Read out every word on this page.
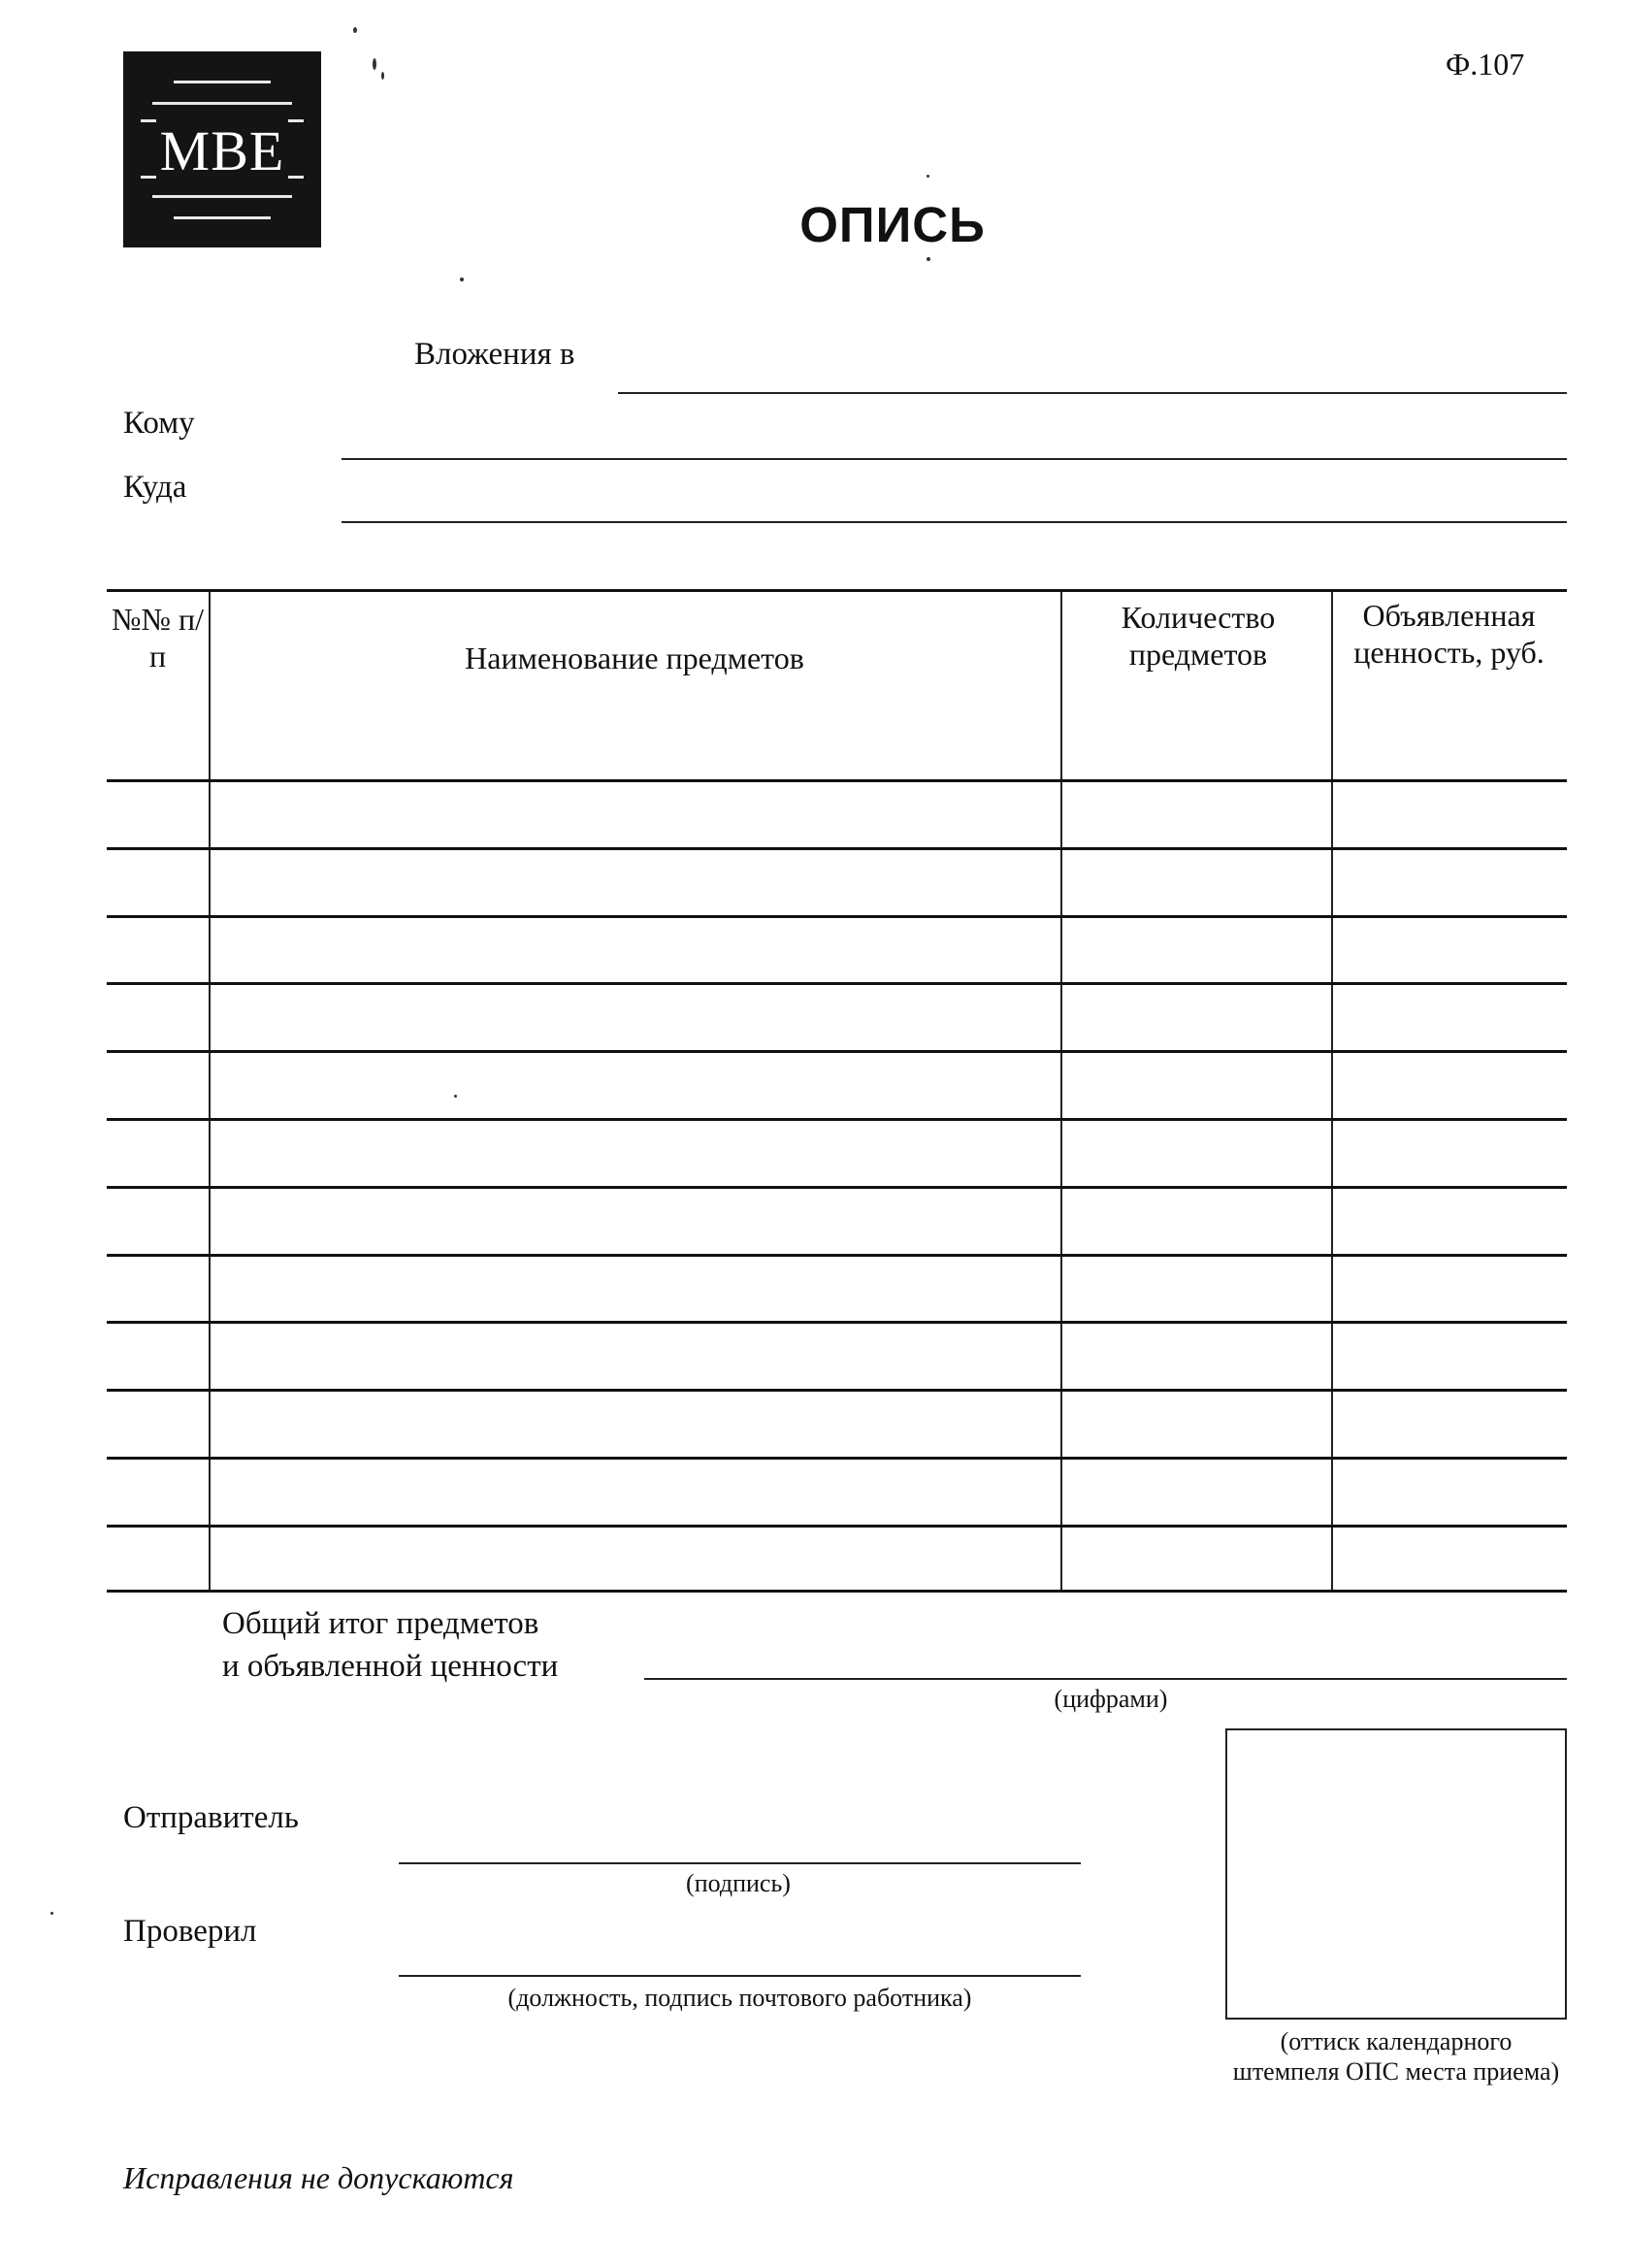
MBE
Ф.107
ОПИСЬ
Вложения в
Кому
Куда
№№ п/п	Наименование предметов
Количество предметов
Объявленная ценность, руб.
Общий итог предметов
и объявленной ценности
(цифрами)
Отправитель
(подпись)
Проверил
(должность, подпись почтового работника)
(оттиск календарного штемпеля ОПС места приема)
Исправления не допускаются
